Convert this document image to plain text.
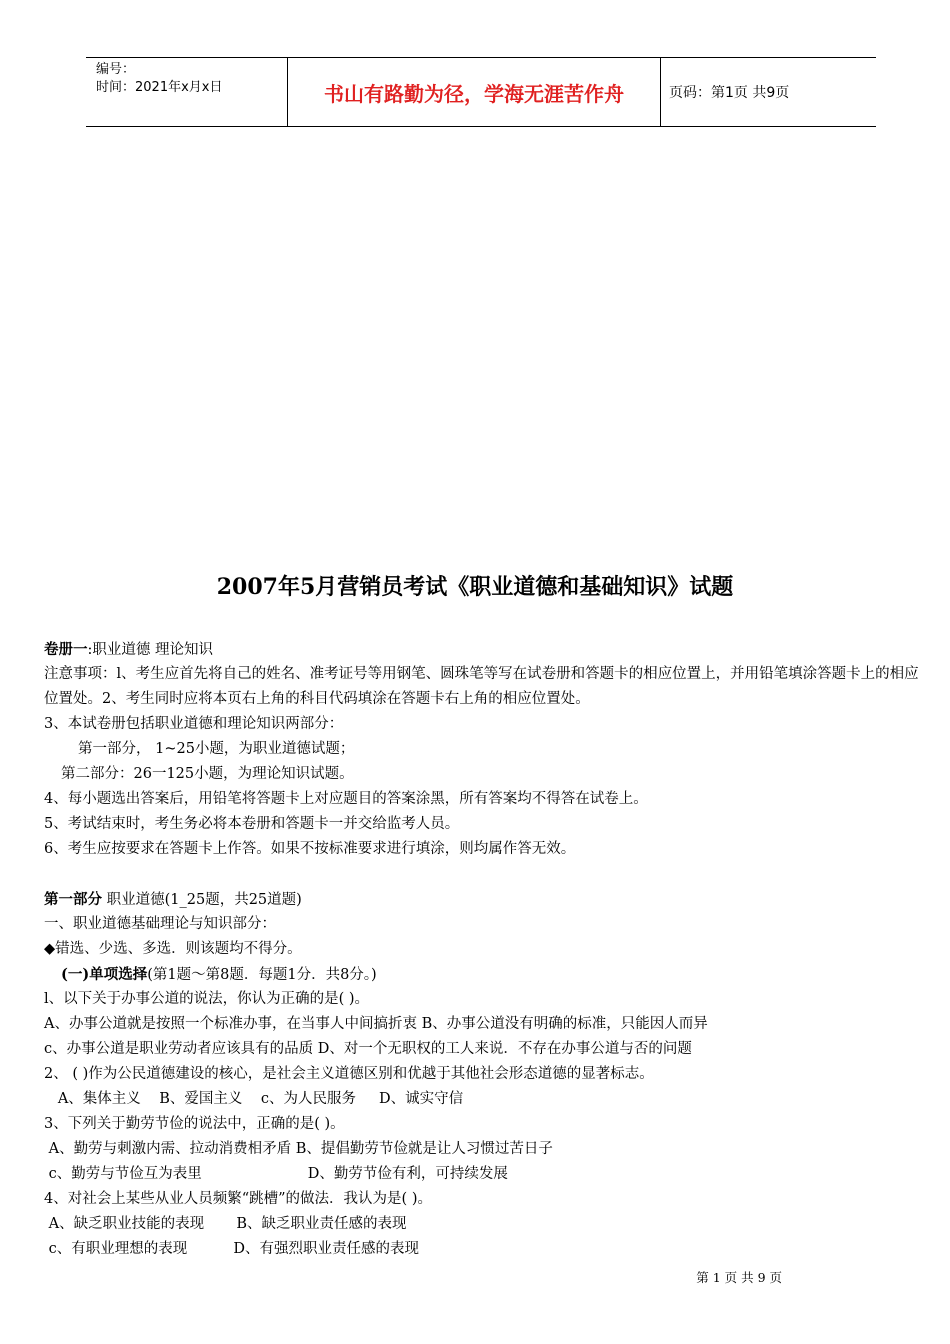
编号：
时间：2021年x月x日	书山有路勤为径，学海无涯苦作舟	页码：第1页 共9页
2007年5月营销员考试《职业道德和基础知识》试题
卷册一:职业道德 理论知识
注意事项：l、考生应首先将自己的姓名、准考证号等用钢笔、圆珠笔等写在试卷册和答题卡的相应位置上，并用铅笔填涂答题卡上的相应位置处。2、考生同时应将本页右上角的科目代码填涂在答题卡右上角的相应位置处。
3、本试卷册包括职业道德和理论知识两部分：
第一部分， 1~25小题，为职业道德试题；
第二部分：26一125小题，为理论知识试题。
4、每小题选出答案后，用铅笔将答题卡上对应题目的答案涂黑，所有答案均不得答在试卷上。
5、考试结束时，考生务必将本卷册和答题卡一并交给监考人员。
6、考生应按要求在答题卡上作答。如果不按标准要求进行填涂，则均属作答无效。
第一部分 职业道德(1_25题，共25道题)
一、职业道德基础理论与知识部分：
◆错选、少选、多选．则该题均不得分。
(一)单项选择(第1题～第8题．每题1分．共8分。)
l、以下关于办事公道的说法，你认为正确的是( )。
A、办事公道就是按照一个标准办事，在当事人中间搞折衷 B、办事公道没有明确的标准，只能因人而异
c、办事公道是职业劳动者应该具有的品质 D、对一个无职权的工人来说．不存在办事公道与否的问题
2、 ( )作为公民道德建设的核心，是社会主义道德区别和优越于其他社会形态道德的显著标志。
A、集体主义    B、爱国主义    c、为人民服务     D、诚实守信
3、下列关于勤劳节俭的说法中，正确的是( )。
A、勤劳与刺激内需、拉动消费相矛盾 B、提倡勤劳节俭就是让人习惯过苦日子
c、勤劳与节俭互为表里                       D、勤劳节俭有利，可持续发展
4、对社会上某些从业人员频繁“跳槽”的做法．我认为是( )。
A、缺乏职业技能的表现       B、缺乏职业责任感的表现
c、有职业理想的表现          D、有强烈职业责任感的表现
第 1 页 共 9 页
